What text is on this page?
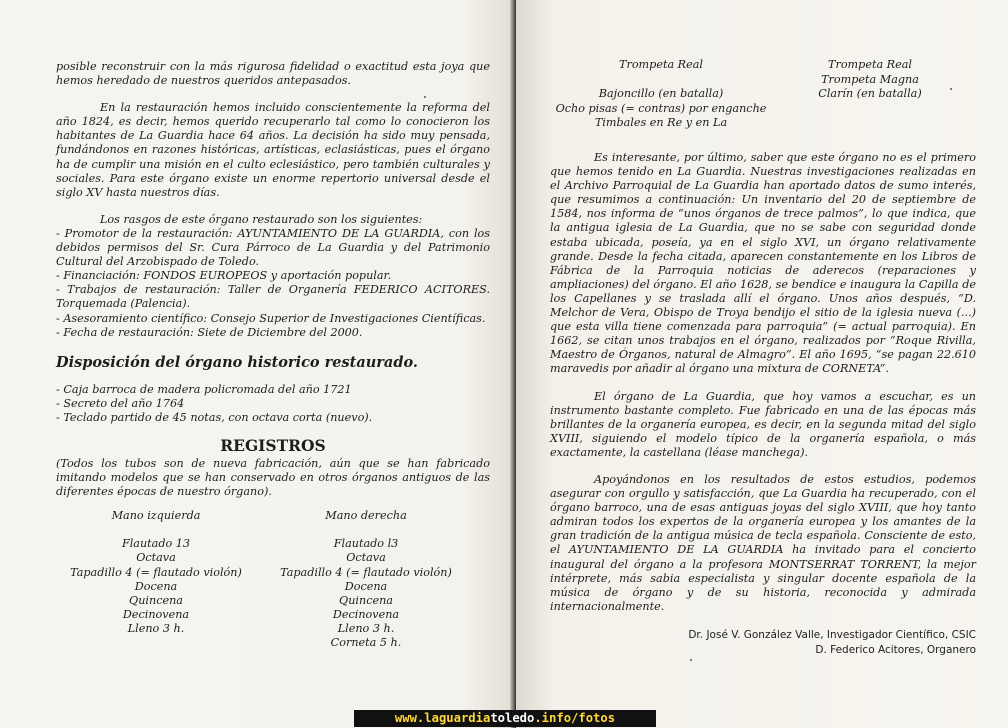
posible reconstruir con la más rigurosa fidelidad o exactitud esta joya que hemos heredado de nuestros queridos antepasados.

En la restauración hemos incluido conscientemente la reforma del año 1824, es decir, hemos querido recuperarlo tal como lo conocieron los habitantes de La Guardia hace 64 años. La decisión ha sido muy pensada, fundándonos en razones históricas, artísticas, eclasiásticas, pues el órgano ha de cumplir una misión en el culto eclesiástico, pero también culturales y sociales. Para este órgano existe un enorme repertorio universal desde el siglo XV hasta nuestros días.

Los rasgos de este órgano restaurado son los siguientes:

- Promotor de la restauración: AYUNTAMIENTO DE LA GUARDIA, con los debidos permisos del Sr. Cura Párroco de La Guardia y del Patrimonio Cultural del Arzobispado de Toledo.
- Financiación: FONDOS EUROPEOS y aportación popular.
- Trabajos de restauración: Taller de Organería FEDERICO ACITORES. Torquemada (Palencia).
- Asesoramiento científico: Consejo Superior de Investigaciones Científicas.
- Fecha de restauración: Siete de Diciembre del 2000.
Disposición del órgano historico restaurado.
- Caja barroca de madera policromada del año 1721
- Secreto del año 1764
- Teclado partido de 45 notas, con octava corta (nuevo).
REGISTROS

(Todos los tubos son de nueva fabricación, aún que se han fabricado imitando modelos que se han conservado en otros órganos antiguos de las diferentes épocas de nuestro órgano).

Mano izquierda
Flautado 13
Octava
Tapadillo 4 (= flautado violón)
Docena
Quincena
Decinovena
Lleno 3 h.
Mano derecha
Flautado l3
Octava
Tapadillo 4 (= flautado violón)
Docena
Quincena
Decinovena
Lleno 3 h.
Corneta 5 h.
Trompeta Real

Bajoncillo (en batalla)
Ocho pisas (= contras) por enganche
Timbales en Re y en La
Trompeta Real
Trompeta Magna
Clarín (en batalla)

Es interesante, por último, saber que este órgano no es el primero que hemos tenido en La Guardia. Nuestras investigaciones realizadas en el Archivo Parroquial de La Guardia han aportado datos de sumo interés, que resumimos a continuación: Un inventario del 20 de septiembre de 1584, nos informa de “unos órganos de trece palmos”, lo que indica, que la antigua iglesia de La Guardia, que no se sabe con seguridad donde estaba ubicada, poseía, ya en el siglo XVI, un órgano relativamente grande. Desde la fecha citada, aparecen constantemente en los Libros de Fábrica de la Parroquia noticias de aderecos (reparaciones y ampliaciones) del órgano. El año 1628, se bendice e inaugura la Capilla de los Capellanes y se traslada allí el órgano. Unos años después, “D. Melchor de Vera, Obispo de Troya bendijo el sitio de la iglesia nueva (...) que esta villa tiene comenzada para parroquia” (= actual parroquia). En 1662, se citan unos trabajos en el órgano, realizados por “Roque Rivilla, Maestro de Órganos, natural de Almagro”. El año 1695, “se pagan 22.610 maravedis por añadir al órgano una mixtura de CORNETA”.

El órgano de La Guardia, que hoy vamos a escuchar, es un instrumento bastante completo. Fue fabricado en una de las épocas más brillantes de la organería europea, es decir, en la segunda mitad del siglo XVIII, siguiendo el modelo típico de la organería española, o más exactamente, la castellana (léase manchega).

Apoyándonos en los resultados de estos estudios, podemos asegurar con orgullo y satisfacción, que La Guardia ha recuperado, con el órgano barroco, una de esas antiguas joyas del siglo XVIII, que hoy tanto admiran todos los expertos de la organería europea y los amantes de la gran tradición de la antigua música de tecla española. Consciente de esto, el AYUNTAMIENTO DE LA GUARDIA ha invitado para el concierto inaugural del órgano a la profesora MONTSERRAT TORRENT, la mejor intérprete, más sabia especialista y singular docente española de la música de órgano y de su historia, reconocida y admirada internacionalmente.

Dr. José V. González Valle, Investigador Científico, CSIC
D. Federico Acitores, Organero
www.laguardiatoledo.info/fotos
